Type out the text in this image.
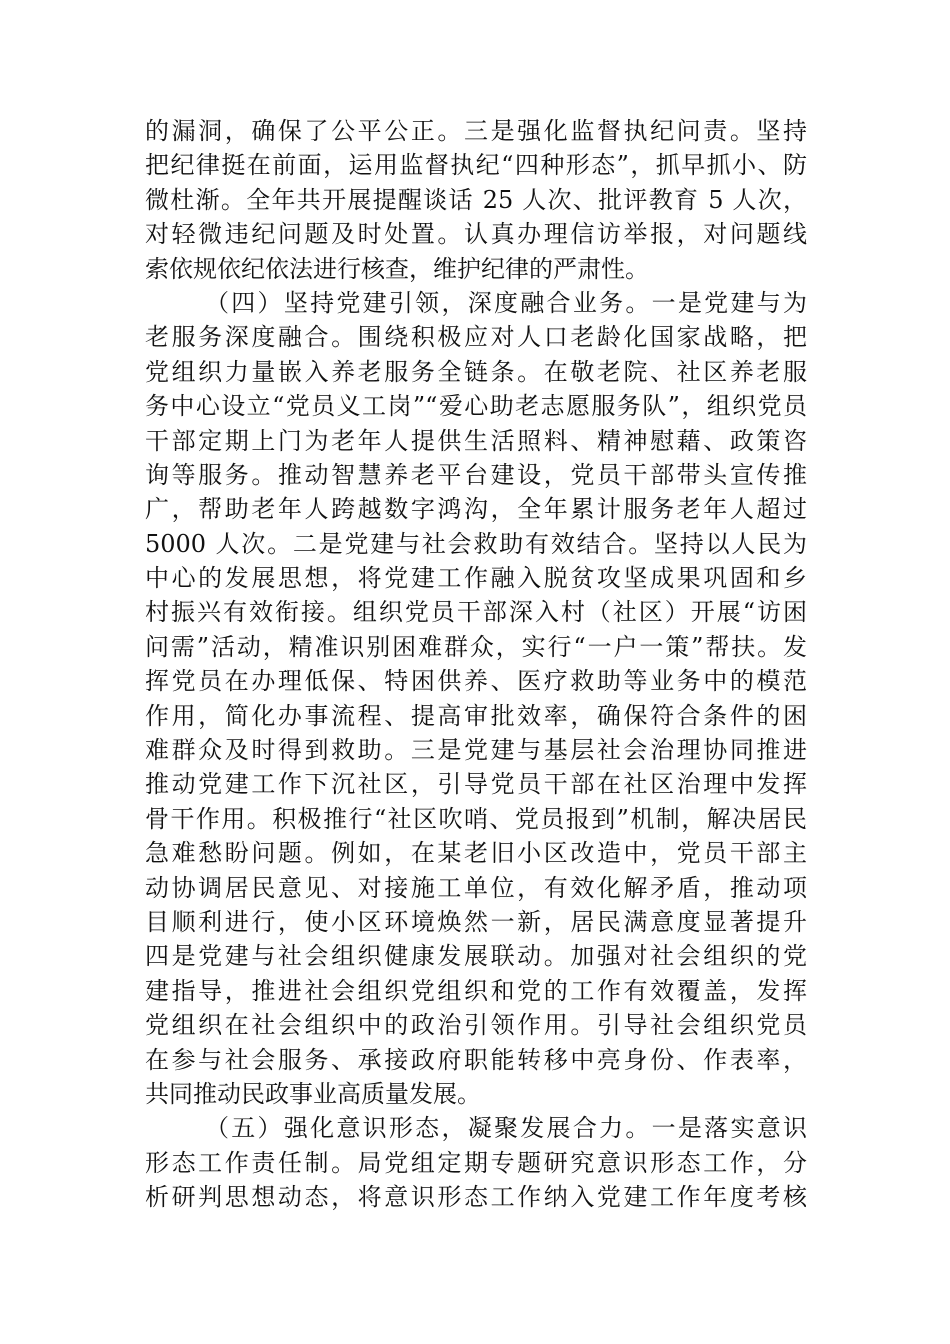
的漏洞，确保了公平公正。三是强化监督执纪问责。坚持
把纪律挺在前面，运用监督执纪“四种形态”，抓早抓小、防
微杜渐。全年共开展提醒谈话 25 人次、批评教育 5 人次，
对轻微违纪问题及时处置。认真办理信访举报，对问题线
索依规依纪依法进行核查，维护纪律的严肃性。
（四）坚持党建引领，深度融合业务。一是党建与为
老服务深度融合。围绕积极应对人口老龄化国家战略，把
党组织力量嵌入养老服务全链条。在敬老院、社区养老服
务中心设立“党员义工岗”“爱心助老志愿服务队”，组织党员
干部定期上门为老年人提供生活照料、精神慰藉、政策咨
询等服务。推动智慧养老平台建设，党员干部带头宣传推
广，帮助老年人跨越数字鸿沟，全年累计服务老年人超过
5000 人次。二是党建与社会救助有效结合。坚持以人民为
中心的发展思想，将党建工作融入脱贫攻坚成果巩固和乡
村振兴有效衔接。组织党员干部深入村（社区）开展“访困
问需”活动，精准识别困难群众，实行“一户一策”帮扶。发
挥党员在办理低保、特困供养、医疗救助等业务中的模范
作用，简化办事流程、提高审批效率，确保符合条件的困
难群众及时得到救助。三是党建与基层社会治理协同推进
推动党建工作下沉社区，引导党员干部在社区治理中发挥
骨干作用。积极推行“社区吹哨、党员报到”机制，解决居民
急难愁盼问题。例如，在某老旧小区改造中，党员干部主
动协调居民意见、对接施工单位，有效化解矛盾，推动项
目顺利进行，使小区环境焕然一新，居民满意度显著提升
四是党建与社会组织健康发展联动。加强对社会组织的党
建指导，推进社会组织党组织和党的工作有效覆盖，发挥
党组织在社会组织中的政治引领作用。引导社会组织党员
在参与社会服务、承接政府职能转移中亮身份、作表率，
共同推动民政事业高质量发展。
（五）强化意识形态，凝聚发展合力。一是落实意识
形态工作责任制。局党组定期专题研究意识形态工作，分
析研判思想动态，将意识形态工作纳入党建工作年度考核
